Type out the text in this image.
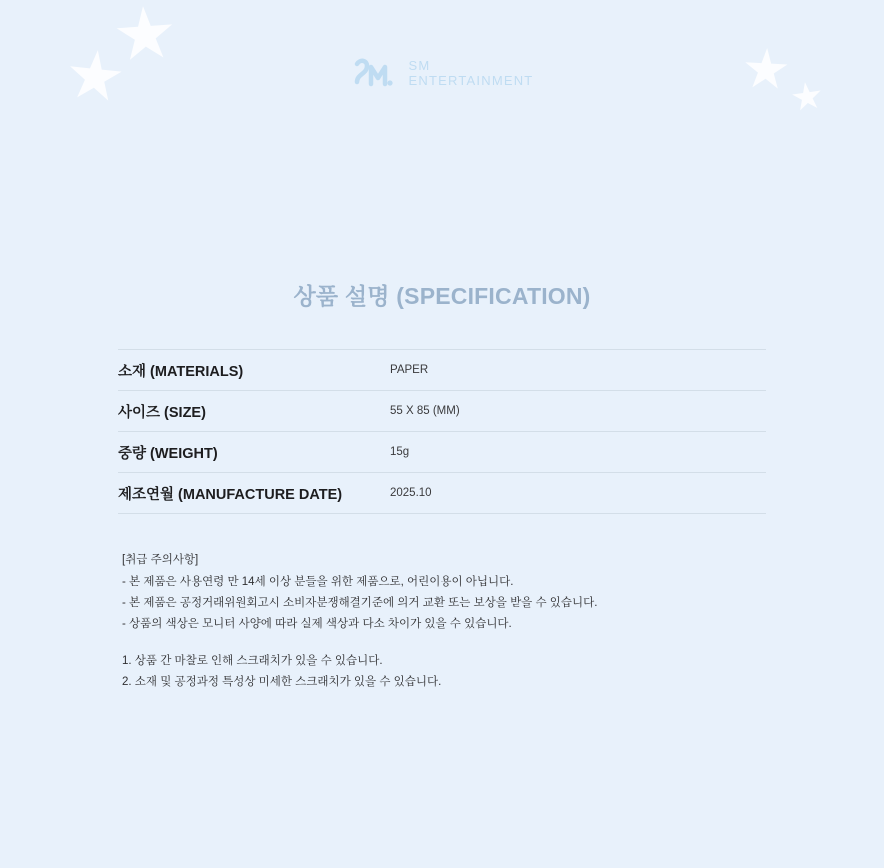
SM
ENTERTAINMENT
상품 설명 (SPECIFICATION)
소재 (MATERIALS)	PAPER
사이즈 (SIZE)	55 X 85 (MM)
중량 (WEIGHT)	15g
제조연월 (MANUFACTURE DATE)	2025.10
[취급 주의사항]
- 본 제품은 사용연령 만 14세 이상 분들을 위한 제품으로, 어린이용이 아닙니다.
- 본 제품은 공정거래위원회고시 소비자분쟁해결기준에 의거 교환 또는 보상을 받을 수 있습니다.
- 상품의 색상은 모니터 사양에 따라 실제 색상과 다소 차이가 있을 수 있습니다.
1. 상품 간 마찰로 인해 스크래치가 있을 수 있습니다.
2. 소재 및 공정과정 특성상 미세한 스크래치가 있을 수 있습니다.
